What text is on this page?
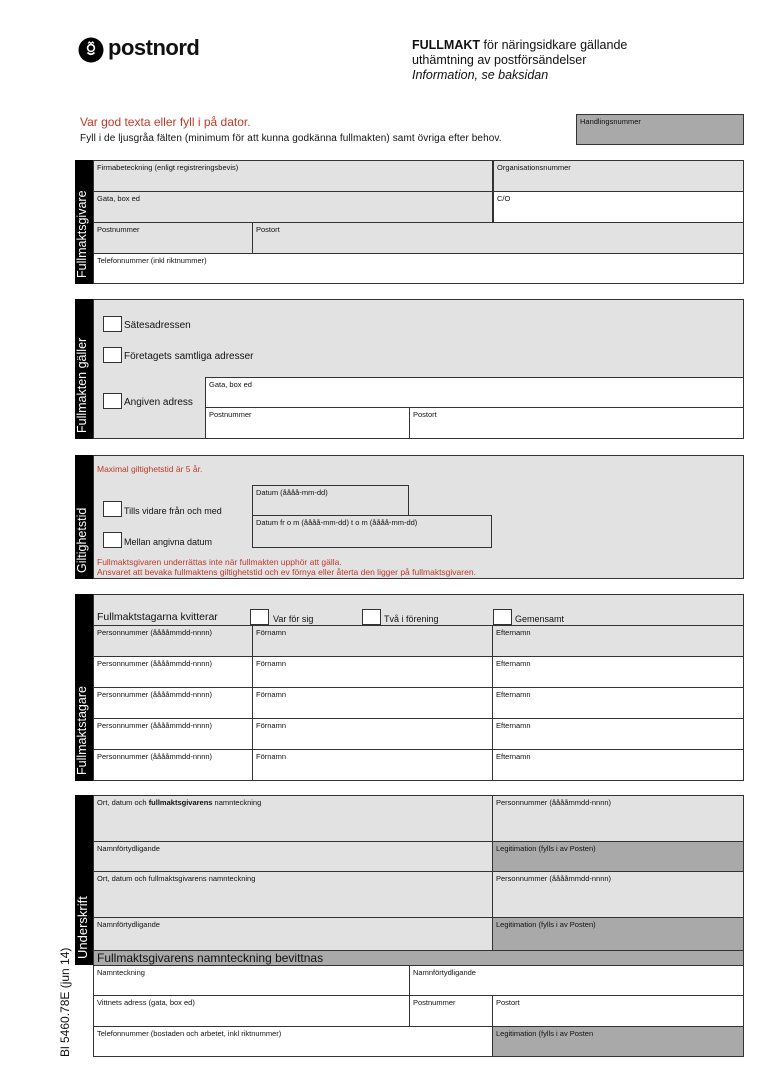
postnord	FULLMAKT för näringsidkare gällande
uthämtning av postförsändelser
Information, se baksidan
Var god texta eller fyll i på dator.
Fyll i de ljusgråa fälten (minimum för att kunna godkänna fullmakten) samt övriga efter behov.
Handlingsnummer
Fullmaktsgivare
Firmabeteckning (enligt registreringsbevis)	Organisationsnummer
Gata, box ed	C/O
Postnummer	Postort
Telefonnummer (inkl riktnummer)
Fullmakten gäller
Sätesadressen
Företagets samtliga adresser
Angiven adress
Gata, box ed
Postnummer	Postort
Giltighetstid
Maximal giltighetstid är 5 år.
Datum (åååå-mm-dd)
Tills vidare från och med
Datum fr o m (åååå-mm-dd) t o m (åååå-mm-dd)
Mellan angivna datum
Fullmaktsgivaren underrättas inte när fullmakten upphör att gälla.
Ansvaret att bevaka fullmaktens giltighetstid och ev förnya eller återta den ligger på fullmaktsgivaren.
Fullmaktstagare
Fullmaktstagarna kvitterar	Var för sig	Två i förening	Gemensamt
Personnummer (ååååmmdd-nnnn)	Förnamn	Efternamn
Personnummer (ååååmmdd-nnnn)	Förnamn	Efternamn
Personnummer (ååååmmdd-nnnn)	Förnamn	Efternamn
Personnummer (ååååmmdd-nnnn)	Förnamn	Efternamn
Personnummer (ååååmmdd-nnnn)	Förnamn	Efternamn
Underskrift
Ort, datum och fullmaktsgivarens namnteckning	Personnummer (ååååmmdd-nnnn)
Namnförtydligande	Legitimation (fylls i av Posten)
Ort, datum och fullmaktsgivarens namnteckning	Personnummer (ååååmmdd-nnnn)
Namnförtydligande	Legitimation (fylls i av Posten)
Fullmaktsgivarens namnteckning bevittnas
Namnteckning	Namnförtydligande
Vittnets adress (gata, box ed)	Postnummer	Postort
Telefonnummer (bostaden och arbetet, inkl riktnummer)	Legitimation (fylls i av Posten
Bl 5460.78E (jun 14)
